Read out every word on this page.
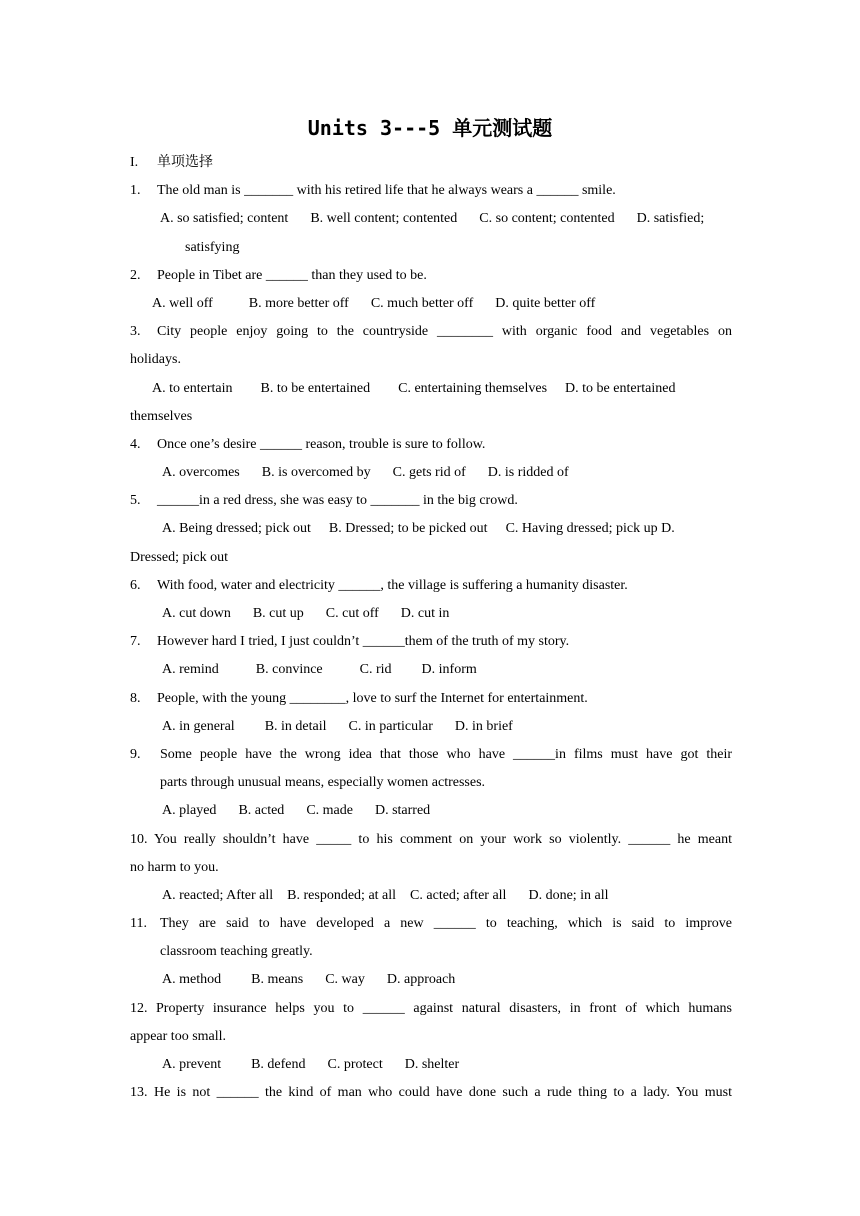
Units 3---5 单元测试题
I.	单项选择
1.	The old man is _______ with his retired life that he always wears a ______ smile.
A. so satisfied; content B. well content; contented C. so content; contented D. satisfied;
satisfying
2.	People in Tibet are ______ than they used to be.
A. well off	B. more better off C. much better off D. quite better off
3.	City people enjoy going to the countryside ________ with organic food and vegetables on
holidays.
A. to entertain B. to be entertained C. entertaining themselves D. to be entertained
themselves
4.	Once one’s desire ______ reason, trouble is sure to follow.
A. overcomes B. is overcomed by C. gets rid of D. is ridded of
5.	______in a red dress, she was easy to _______ in the big crowd.
A. Being dressed; pick out B. Dressed; to be picked out C. Having dressed; pick up D.
Dressed; pick out
6.	With food, water and electricity ______, the village is suffering a humanity disaster.
A. cut down B. cut up C. cut off D. cut in
7.	However hard I tried, I just couldn’t ______them of the truth of my story.
A. remind	B. convince	C. rid D. inform
8.	People, with the young ________, love to surf the Internet for entertainment.
A. in general B. in detail C. in particular D. in brief
9.	Some people have the wrong idea that those who have ______in films must have got their
parts through unusual means, especially women actresses.
A. played B. acted C. made D. starred
10. You really shouldn’t have _____ to his comment on your work so violently. ______ he meant
no harm to you.
A. reacted; After all B. responded; at all C. acted; after all D. done; in all
11. They are said to have developed a new ______ to teaching, which is said to improve
classroom teaching greatly.
A. method B. means C. way D. approach
12. Property insurance helps you to ______ against natural disasters, in front of which humans
appear too small.
A. prevent B. defend C. protect D. shelter
13. He is not ______ the kind of man who could have done such a rude thing to a lady. You must
